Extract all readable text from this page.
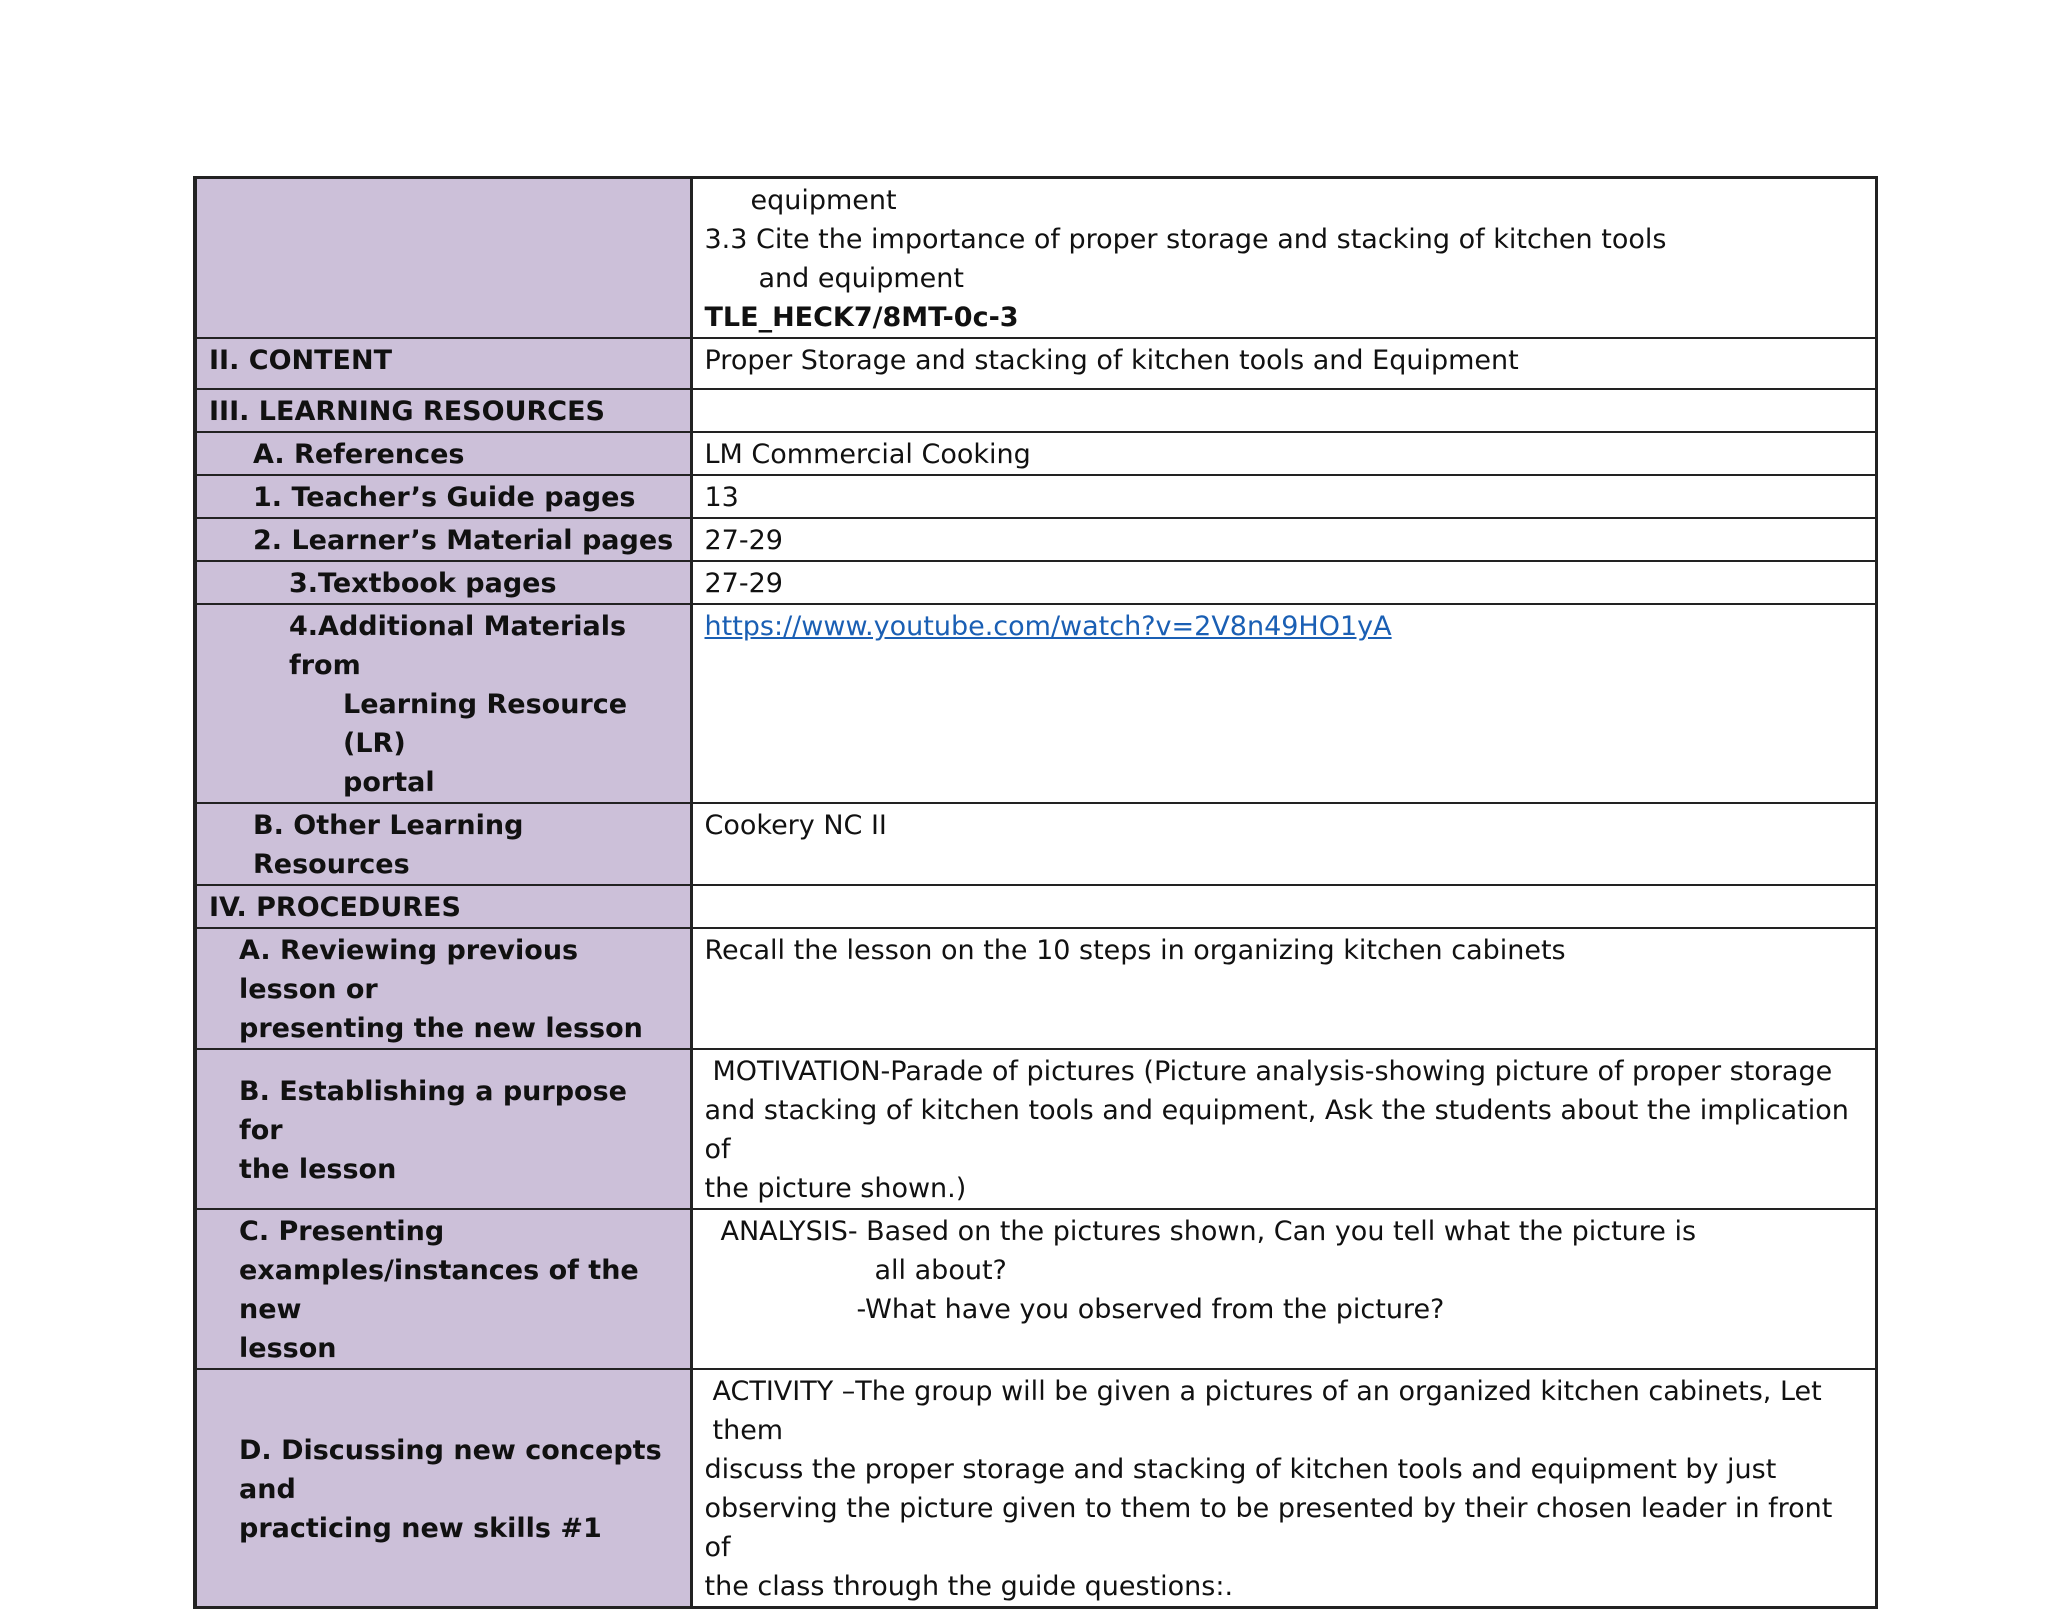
	equipment
3.3 Cite the importance of proper storage and stacking of kitchen tools
and equipment
TLE_HECK7/8MT-0c-3

II. CONTENT	Proper Storage and stacking of kitchen tools and Equipment
III. LEARNING RESOURCES	

A. References	LM Commercial Cooking

1. Teacher’s Guide pages	13

2. Learner’s Material pages	27-29

3.Textbook pages	27-29

4.Additional Materials from
Learning Resource (LR)
portal	https://www.youtube.com/watch?v=2V8n49HO1yA

B. Other Learning Resources	Cookery NC II
IV. PROCEDURES	

A. Reviewing previous lesson or
presenting the new lesson	Recall the lesson on the 10 steps in organizing kitchen cabinets

B. Establishing a purpose for
the lesson	MOTIVATION-Parade of pictures (Picture analysis-showing picture of proper storage
and stacking of kitchen tools and equipment, Ask the students about the implication of
the picture shown.)

C. Presenting
examples/instances of the new
lesson	ANALYSIS- Based on the pictures shown, Can you tell what the picture is
all about?
-What have you observed from the picture?

D. Discussing new concepts and
practicing new skills #1	ACTIVITY –The group will be given a pictures of an organized kitchen cabinets, Let them
discuss the proper storage and stacking of kitchen tools and equipment by just
observing the picture given to them to be presented by their chosen leader in front of
the class through the guide questions:.
